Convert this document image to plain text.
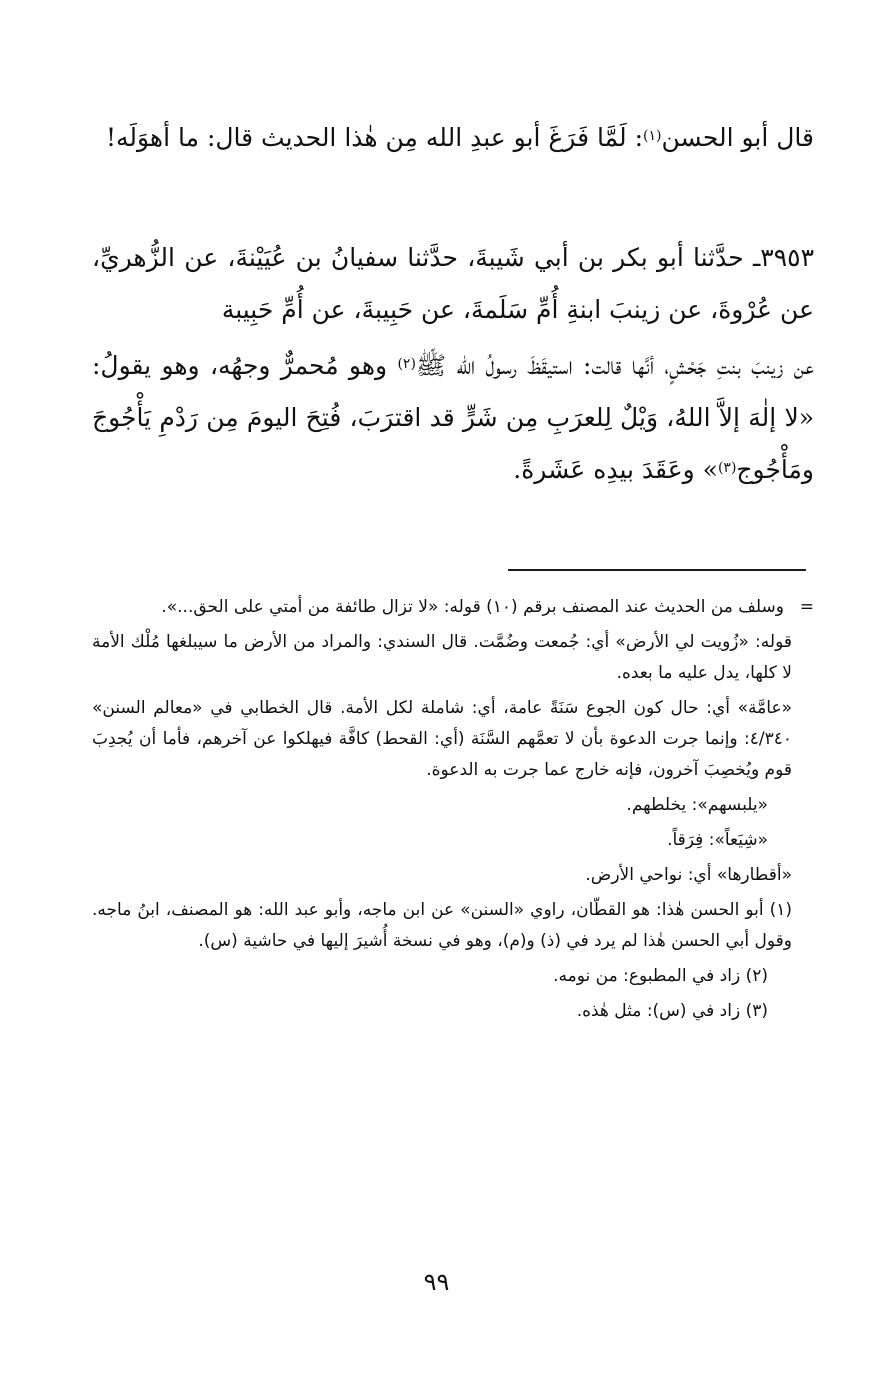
قال أبو الحسن$^{(١)}$: لَمَّا فَرَغَ أبو عبدِ الله مِن هٰذا الحديث قال: ما أهوَلَه!

٣٩٥٣ـ حدَّثنا أبو بكر بن أبي شَيبةَ، حدَّثنا سفيانُ بن عُيَيْنةَ، عن الزُّهريِّ، عن عُرْوةَ، عن زينبَ ابنةِ أُمِّ سَلَمةَ، عن حَبِيبةَ، عن أُمِّ حَبِيبة

عن زينبَ بنتِ جَحْشٍ، أنَّها قالت: استيقَظَ رسولُ الله ﷺ$^{(٢)}$ وهو مُحمرٌّ وجهُه، وهو يقولُ: «لا إلٰهَ إلاَّ اللهُ، وَيْلٌ لِلعرَبِ مِن شَرٍّ قد اقترَبَ، فُتِحَ اليومَ مِن رَدْمِ يَأْجُوجَ ومَأْجُوج$^{(٣)}$» وعَقَدَ بيدِه عَشَرةً.

=وسلف من الحديث عند المصنف برقم (١٠) قوله: «لا تزال طائفة من أمتي على الحق...».

قوله: «زُويت لي الأرض» أي: جُمعت وضُمَّت. قال السندي: والمراد من الأرض ما سيبلغها مُلْك الأمة لا كلها، يدل عليه ما بعده.

«عامَّة» أي: حال كون الجوع سَنَةً عامة، أي: شاملة لكل الأمة. قال الخطابي في «معالم السنن» ٤/٣٤٠: وإنما جرت الدعوة بأن لا تعمَّهم السَّنَة (أي: القحط) كافَّة فيهلكوا عن آخرهم، فأما أن يُجدِبَ قوم ويُخصِبَ آخرون، فإنه خارج عما جرت به الدعوة.

«يلبسهم»: يخلطهم.

«شِيَعاً»: فِرَقاً.

«أقطارها» أي: نواحي الأرض.

(١) أبو الحسن هٰذا: هو القطّان، راوي «السنن» عن ابن ماجه، وأبو عبد الله: هو المصنف، ابنُ ماجه. وقول أبي الحسن هٰذا لم يرد في (ذ) و(م)، وهو في نسخة أُشيرَ إليها في حاشية (س).

(٢) زاد في المطبوع: من نومه.

(٣) زاد في (س): مثل هٰذه.

٩٩
